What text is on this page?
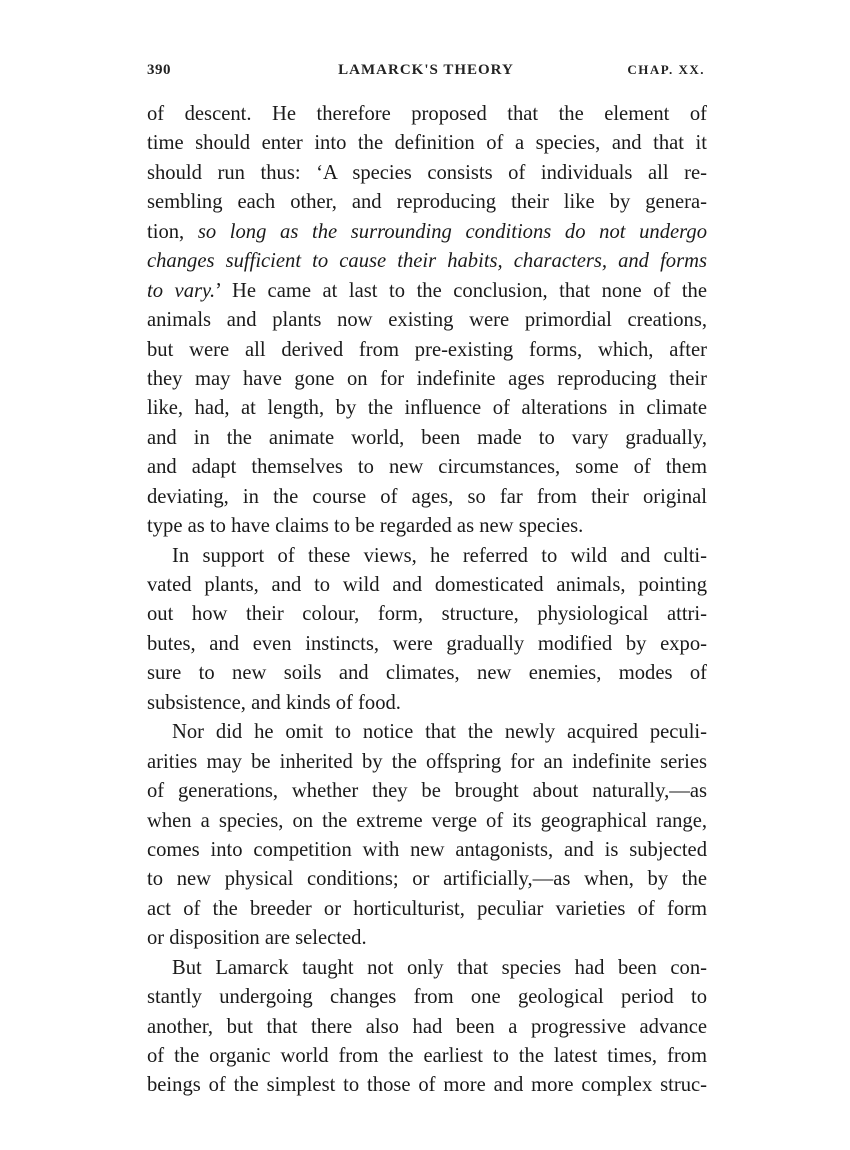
390	LAMARCK'S THEORY	CHAP. XX.
of descent. He therefore proposed that the element of
time should enter into the definition of a species, and that it
should run thus: ‘A species consists of individuals all re-
sembling each other, and reproducing their like by genera-
tion, so long as the surrounding conditions do not undergo
changes sufficient to cause their habits, characters, and forms
to vary.’ He came at last to the conclusion, that none of the
animals and plants now existing were primordial creations,
but were all derived from pre-existing forms, which, after
they may have gone on for indefinite ages reproducing their
like, had, at length, by the influence of alterations in climate
and in the animate world, been made to vary gradually,
and adapt themselves to new circumstances, some of them
deviating, in the course of ages, so far from their original
type as to have claims to be regarded as new species.
In support of these views, he referred to wild and culti-
vated plants, and to wild and domesticated animals, pointing
out how their colour, form, structure, physiological attri-
butes, and even instincts, were gradually modified by expo-
sure to new soils and climates, new enemies, modes of
subsistence, and kinds of food.
Nor did he omit to notice that the newly acquired peculi-
arities may be inherited by the offspring for an indefinite series
of generations, whether they be brought about naturally,—as
when a species, on the extreme verge of its geographical range,
comes into competition with new antagonists, and is subjected
to new physical conditions; or artificially,—as when, by the
act of the breeder or horticulturist, peculiar varieties of form
or disposition are selected.
But Lamarck taught not only that species had been con-
stantly undergoing changes from one geological period to
another, but that there also had been a progressive advance
of the organic world from the earliest to the latest times, from
beings of the simplest to those of more and more complex struc-
